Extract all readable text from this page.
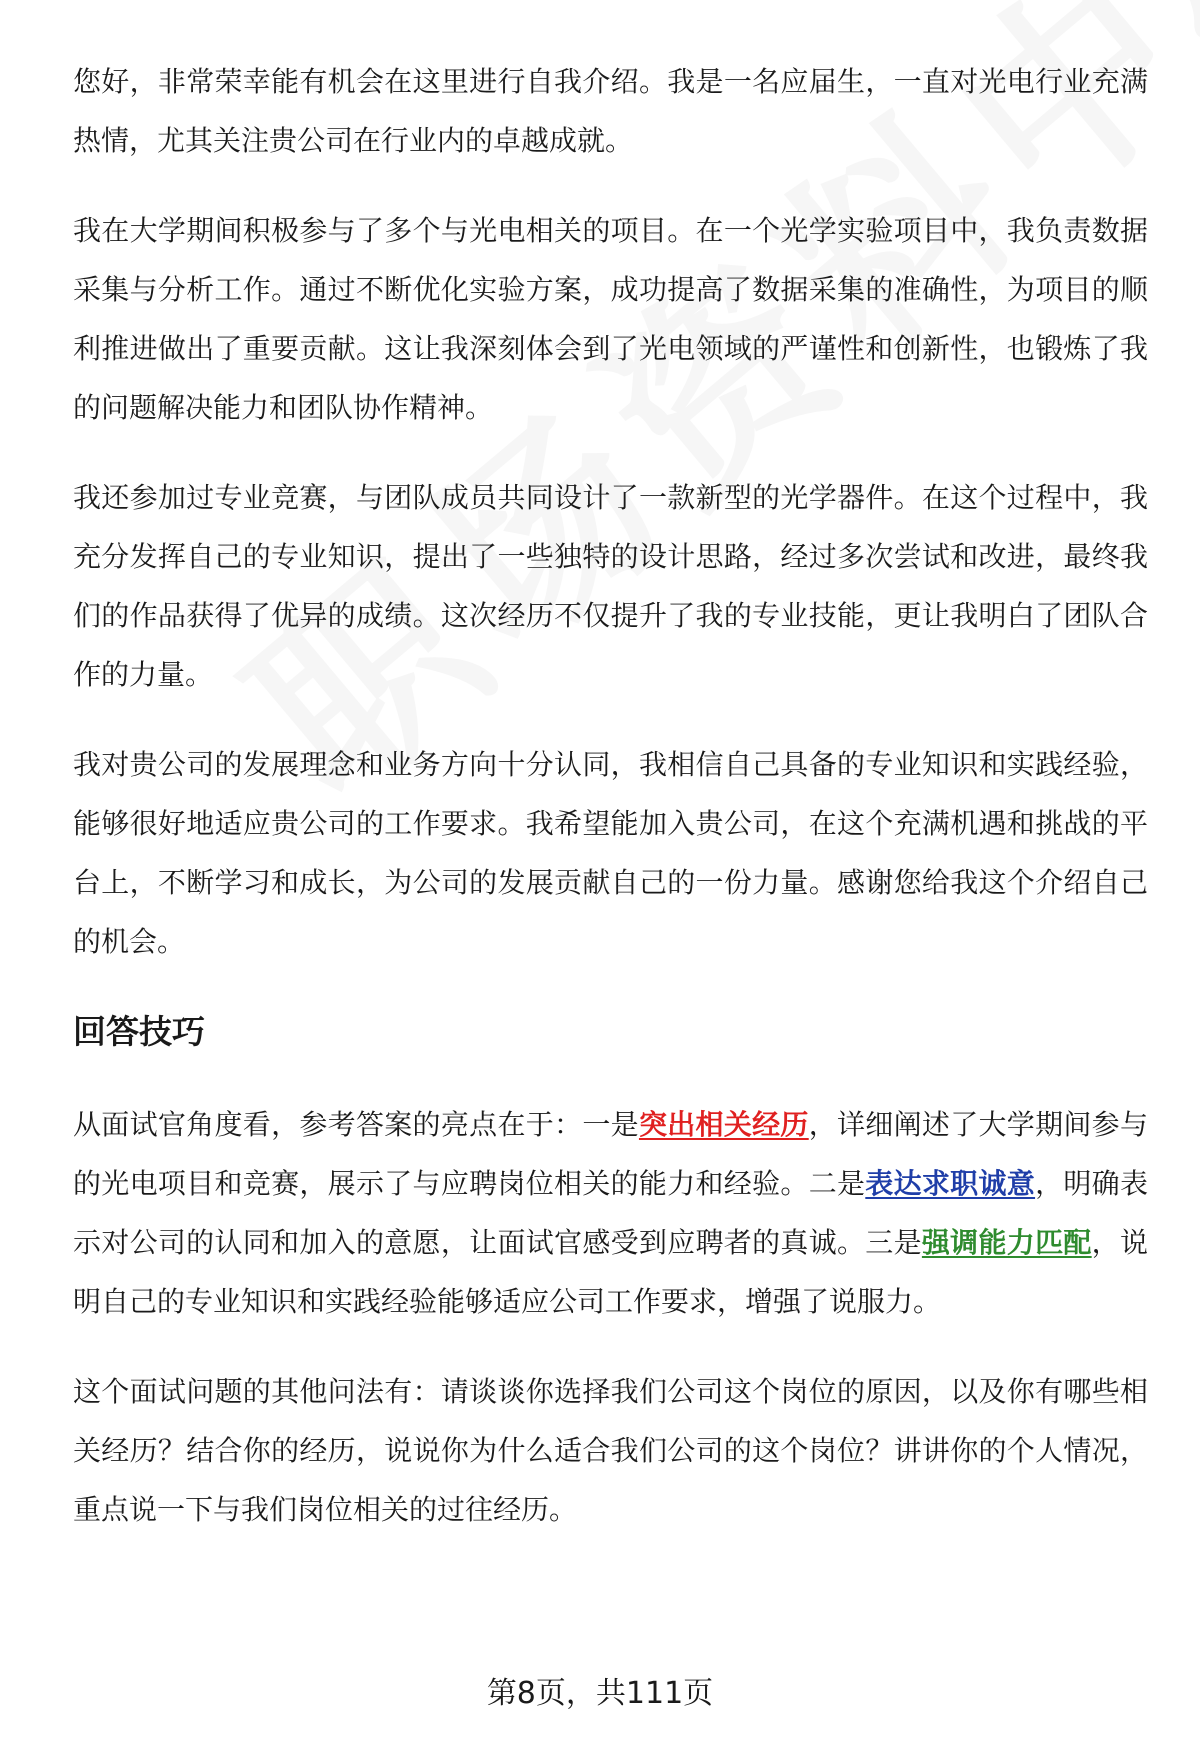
您好，非常荣幸能有机会在这里进行自我介绍。我是一名应届生，一直对光电行业充满热情，尤其关注贵公司在行业内的卓越成就。

我在大学期间积极参与了多个与光电相关的项目。在一个光学实验项目中，我负责数据采集与分析工作。通过不断优化实验方案，成功提高了数据采集的准确性，为项目的顺利推进做出了重要贡献。这让我深刻体会到了光电领域的严谨性和创新性，也锻炼了我的问题解决能力和团队协作精神。

我还参加过专业竞赛，与团队成员共同设计了一款新型的光学器件。在这个过程中，我充分发挥自己的专业知识，提出了一些独特的设计思路，经过多次尝试和改进，最终我们的作品获得了优异的成绩。这次经历不仅提升了我的专业技能，更让我明白了团队合作的力量。

我对贵公司的发展理念和业务方向十分认同，我相信自己具备的专业知识和实践经验，能够很好地适应贵公司的工作要求。我希望能加入贵公司，在这个充满机遇和挑战的平台上，不断学习和成长，为公司的发展贡献自己的一份力量。感谢您给我这个介绍自己的机会。

回答技巧

从面试官角度看，参考答案的亮点在于：一是突出相关经历，详细阐述了大学期间参与的光电项目和竞赛，展示了与应聘岗位相关的能力和经验。二是表达求职诚意，明确表示对公司的认同和加入的意愿，让面试官感受到应聘者的真诚。三是强调能力匹配，说明自己的专业知识和实践经验能够适应公司工作要求，增强了说服力。

这个面试问题的其他问法有：请谈谈你选择我们公司这个岗位的原因，以及你有哪些相关经历？结合你的经历，说说你为什么适合我们公司的这个岗位？讲讲你的个人情况，重点说一下与我们岗位相关的过往经历。

第8页，共111页
